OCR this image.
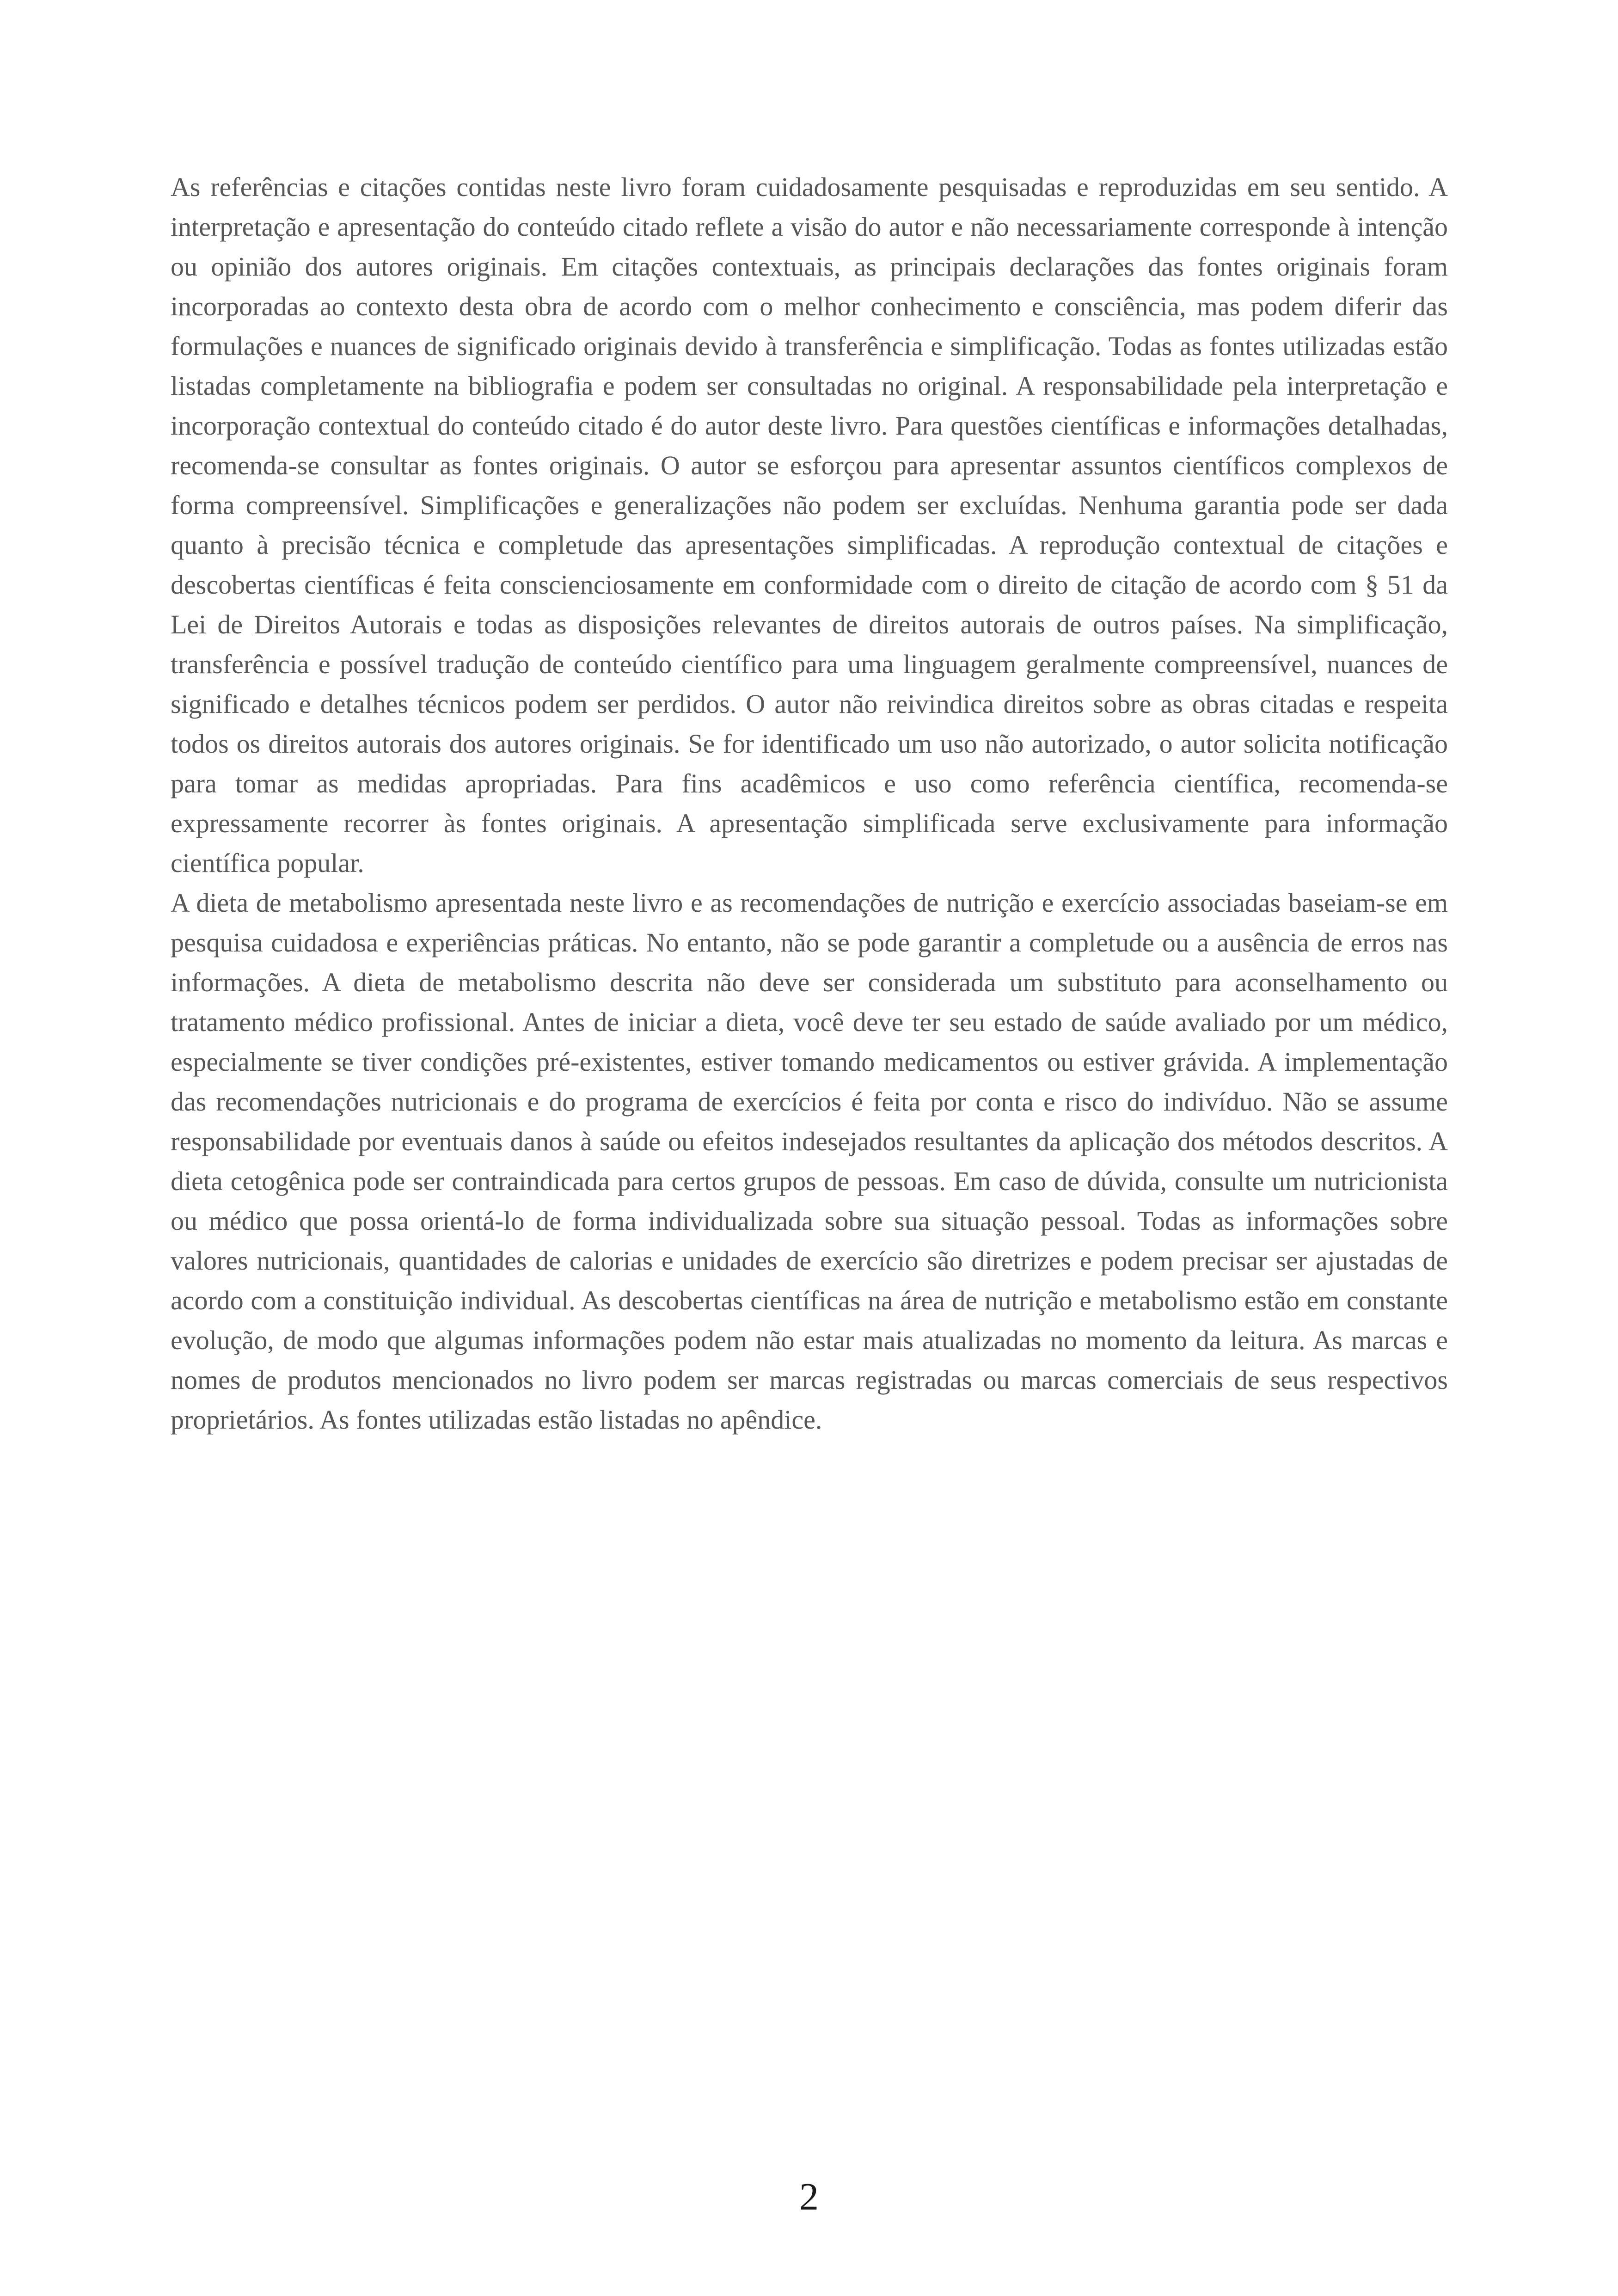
As referências e citações contidas neste livro foram cuidadosamente pesquisadas e reproduzidas em seu sentido. A interpretação e apresentação do conteúdo citado reflete a visão do autor e não necessariamente corresponde à intenção ou opinião dos autores originais. Em citações contextuais, as principais declarações das fontes originais foram incorporadas ao contexto desta obra de acordo com o melhor conhecimento e consciência, mas podem diferir das formulações e nuances de significado originais devido à transferência e simplificação. Todas as fontes utilizadas estão listadas completamente na bibliografia e podem ser consultadas no original. A responsabilidade pela interpretação e incorporação contextual do conteúdo citado é do autor deste livro. Para questões científicas e informações detalhadas, recomenda-se consultar as fontes originais. O autor se esforçou para apresentar assuntos científicos complexos de forma compreensível. Simplificações e generalizações não podem ser excluídas. Nenhuma garantia pode ser dada quanto à precisão técnica e completude das apresentações simplificadas. A reprodução contextual de citações e descobertas científicas é feita conscienciosamente em conformidade com o direito de citação de acordo com § 51 da Lei de Direitos Autorais e todas as disposições relevantes de direitos autorais de outros países. Na simplificação, transferência e possível tradução de conteúdo científico para uma linguagem geralmente compreensível, nuances de significado e detalhes técnicos podem ser perdidos. O autor não reivindica direitos sobre as obras citadas e respeita todos os direitos autorais dos autores originais. Se for identificado um uso não autorizado, o autor solicita notificação para tomar as medidas apropriadas. Para fins acadêmicos e uso como referência científica, recomenda-se expressamente recorrer às fontes originais. A apresentação simplificada serve exclusivamente para informação científica popular.

A dieta de metabolismo apresentada neste livro e as recomendações de nutrição e exercício associadas baseiam-se em pesquisa cuidadosa e experiências práticas. No entanto, não se pode garantir a completude ou a ausência de erros nas informações. A dieta de metabolismo descrita não deve ser considerada um substituto para aconselhamento ou tratamento médico profissional. Antes de iniciar a dieta, você deve ter seu estado de saúde avaliado por um médico, especialmente se tiver condições pré-existentes, estiver tomando medicamentos ou estiver grávida. A implementação das recomendações nutricionais e do programa de exercícios é feita por conta e risco do indivíduo. Não se assume responsabilidade por eventuais danos à saúde ou efeitos indesejados resultantes da aplicação dos métodos descritos. A dieta cetogênica pode ser contraindicada para certos grupos de pessoas. Em caso de dúvida, consulte um nutricionista ou médico que possa orientá-lo de forma individualizada sobre sua situação pessoal. Todas as informações sobre valores nutricionais, quantidades de calorias e unidades de exercício são diretrizes e podem precisar ser ajustadas de acordo com a constituição individual. As descobertas científicas na área de nutrição e metabolismo estão em constante evolução, de modo que algumas informações podem não estar mais atualizadas no momento da leitura. As marcas e nomes de produtos mencionados no livro podem ser marcas registradas ou marcas comerciais de seus respectivos proprietários. As fontes utilizadas estão listadas no apêndice.

2
